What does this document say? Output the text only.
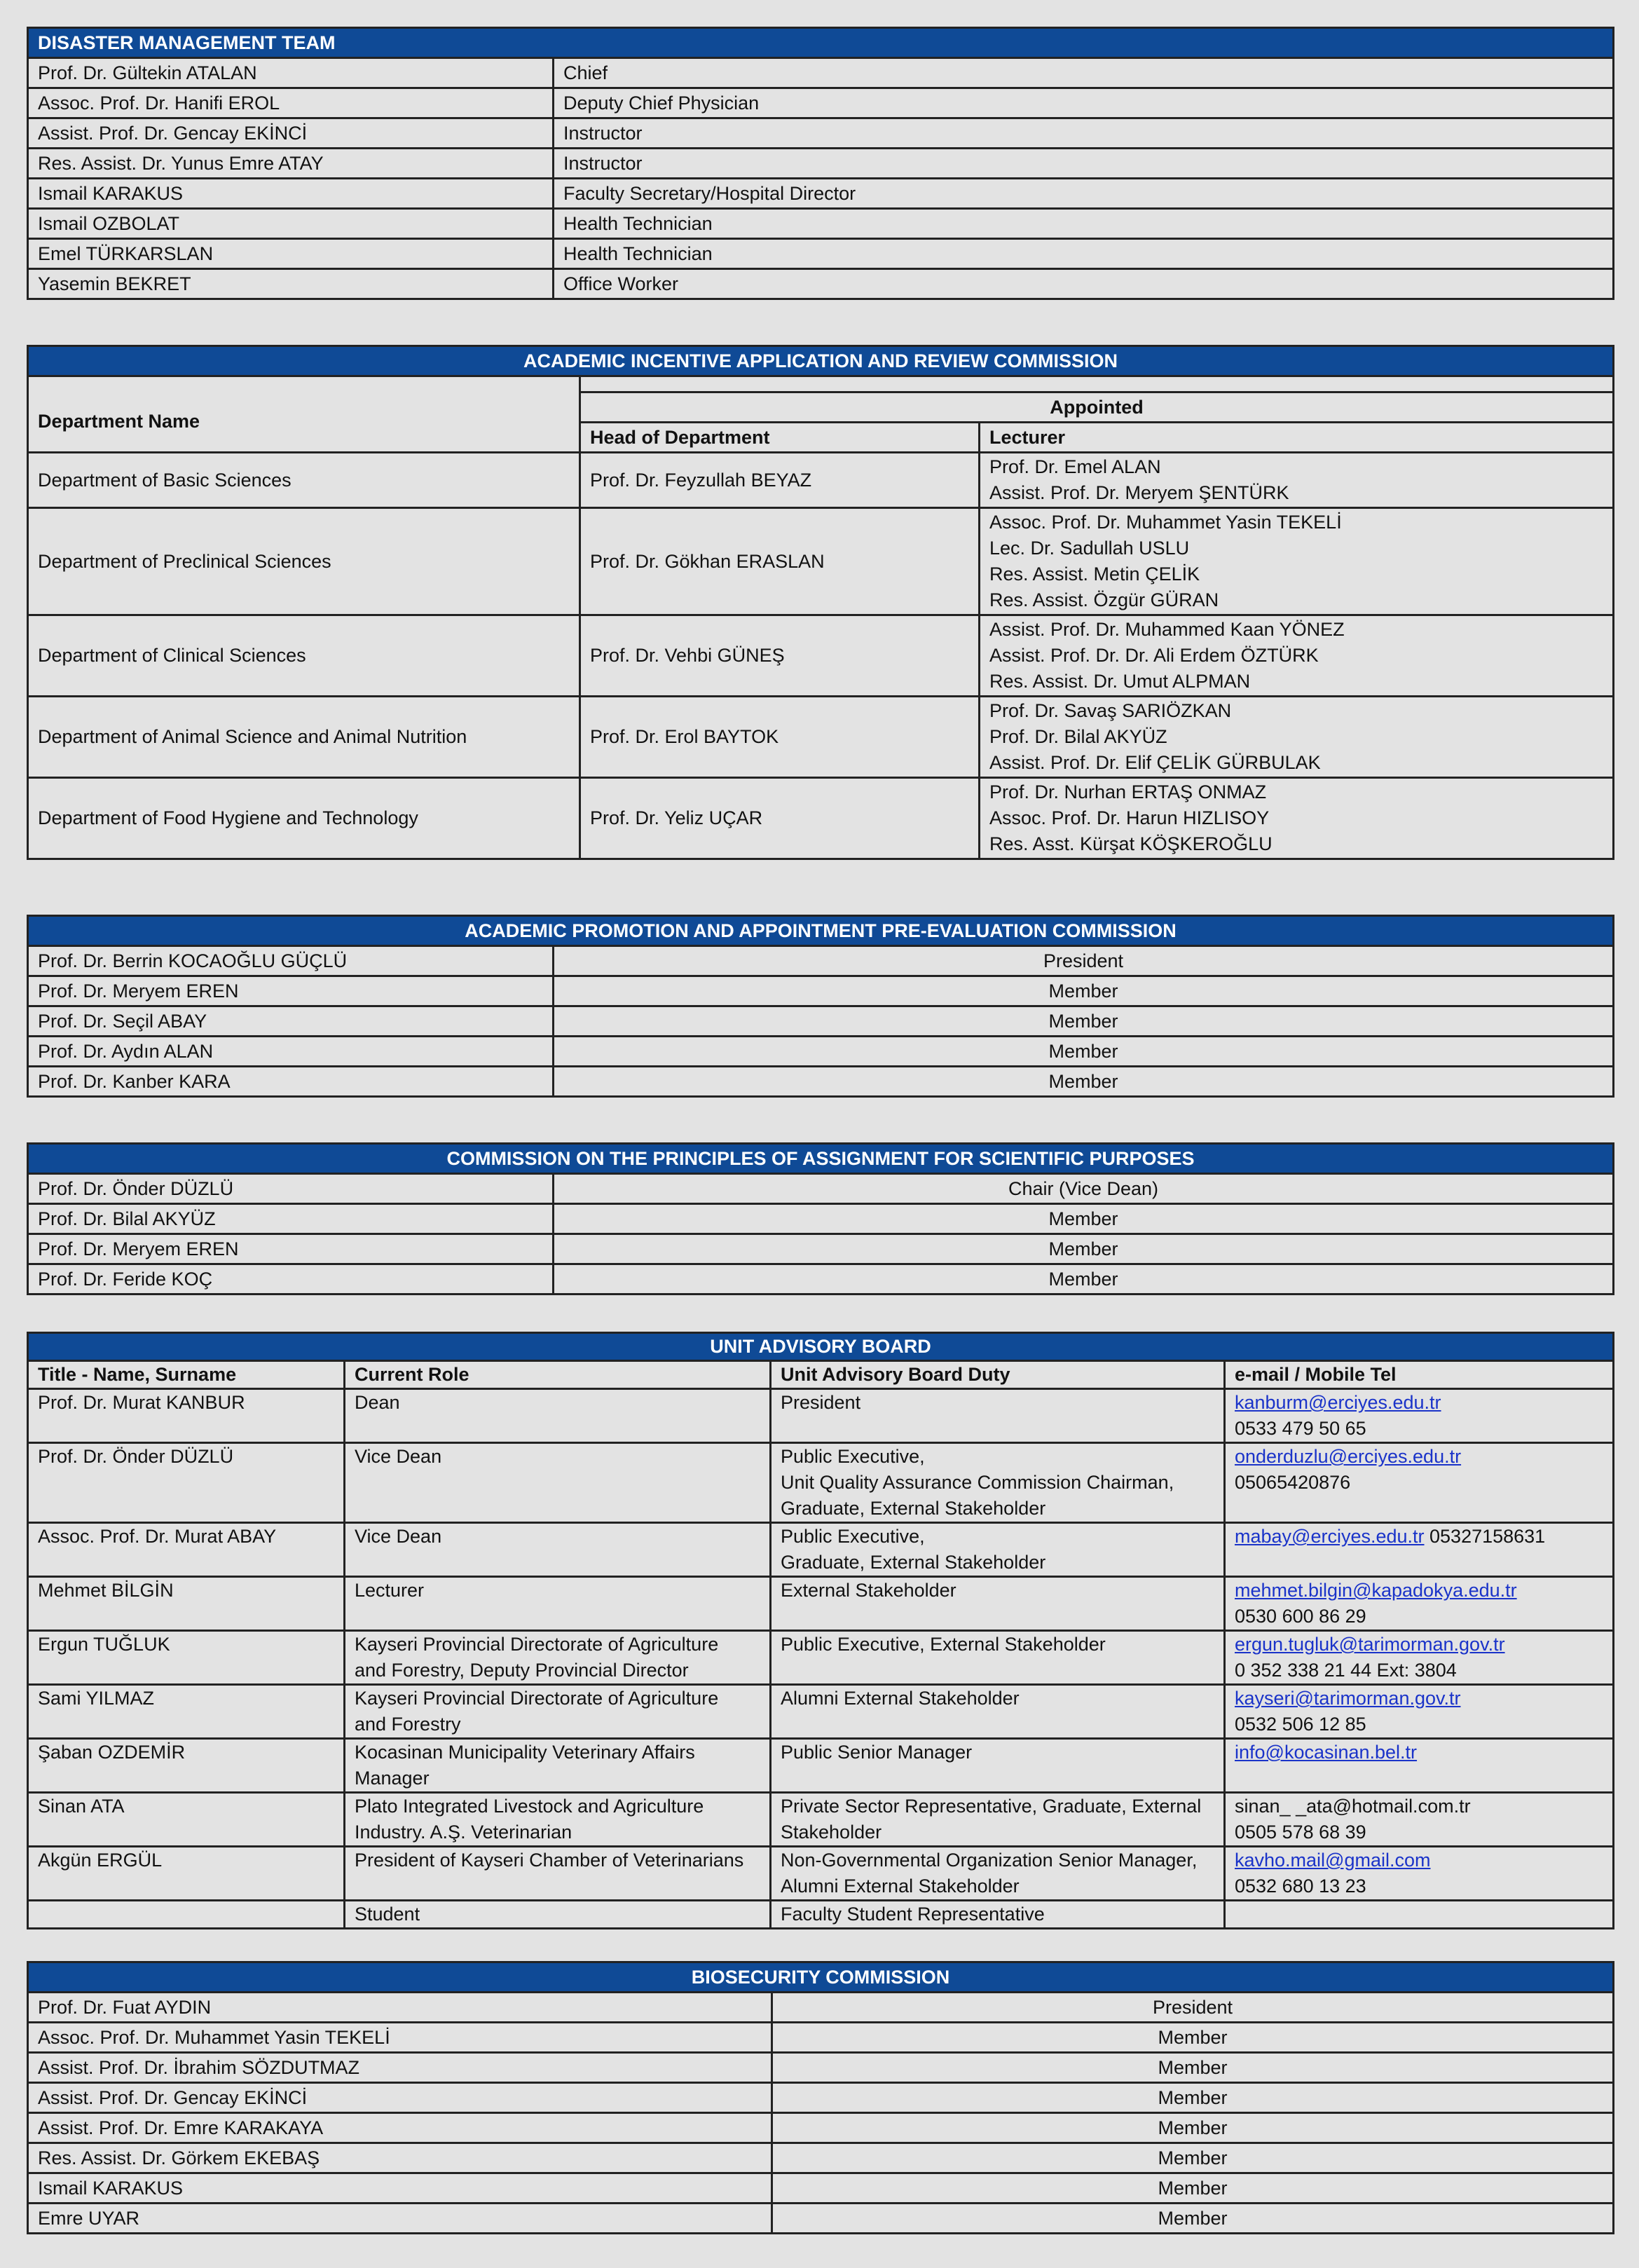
DISASTER MANAGEMENT TEAM	
Prof. Dr. Gültekin ATALAN	Chief
Assoc. Prof. Dr. Hanifi EROL	Deputy Chief Physician
Assist. Prof. Dr. Gencay EKİNCİ	Instructor
Res. Assist. Dr. Yunus Emre ATAY	Instructor
Ismail KARAKUS	Faculty Secretary/Hospital Director
Ismail OZBOLAT	Health Technician
Emel TÜRKARSLAN	Health Technician
Yasemin BEKRET	Office Worker
ACADEMIC INCENTIVE APPLICATION AND REVIEW COMMISSION		

Department Name	Appointed	
	Head of Department	Lecturer
Department of Basic Sciences	Prof. Dr. Feyzullah BEYAZ	Prof. Dr. Emel ALAN
Assist. Prof. Dr. Meryem ŞENTÜRK

Department of Preclinical Sciences	Prof. Dr. Gökhan ERASLAN	Assoc. Prof. Dr. Muhammet Yasin TEKELİ
Lec. Dr. Sadullah USLU
Res. Assist. Metin ÇELİK
Res. Assist. Özgür GÜRAN

Department of Clinical Sciences	Prof. Dr. Vehbi GÜNEŞ	Assist. Prof. Dr. Muhammed Kaan YÖNEZ
Assist. Prof. Dr. Dr. Ali Erdem ÖZTÜRK
Res. Assist. Dr. Umut ALPMAN

Department of Animal Science and Animal Nutrition	Prof. Dr. Erol BAYTOK	Prof. Dr. Savaş SARIÖZKAN
Prof. Dr. Bilal AKYÜZ
Assist. Prof. Dr. Elif ÇELİK GÜRBULAK

Department of Food Hygiene and Technology	Prof. Dr. Yeliz UÇAR	Prof. Dr. Nurhan ERTAŞ ONMAZ
Assoc. Prof. Dr. Harun HIZLISOY
Res. Asst. Kürşat KÖŞKEROĞLU
ACADEMIC PROMOTION AND APPOINTMENT PRE-EVALUATION COMMISSION	
Prof. Dr. Berrin KOCAOĞLU GÜÇLÜ	President
Prof. Dr. Meryem EREN	Member
Prof. Dr. Seçil ABAY	Member
Prof. Dr. Aydın ALAN	Member
Prof. Dr. Kanber KARA	Member
COMMISSION ON THE PRINCIPLES OF ASSIGNMENT FOR SCIENTIFIC PURPOSES	
Prof. Dr. Önder DÜZLÜ	Chair (Vice Dean)
Prof. Dr. Bilal AKYÜZ	Member
Prof. Dr. Meryem EREN	Member
Prof. Dr. Feride KOÇ	Member
UNIT ADVISORY BOARD			
Title - Name, Surname	Current Role	Unit Advisory Board Duty	e-mail / Mobile Tel
Prof. Dr. Murat KANBUR	Dean	President	kanburm@erciyes.edu.tr
0533 479 50 65

Prof. Dr. Önder DÜZLÜ	Vice Dean	Public Executive,
Unit Quality Assurance Commission Chairman,
Graduate, External Stakeholder	onderduzlu@erciyes.edu.tr
05065420876

Assoc. Prof. Dr. Murat ABAY	Vice Dean	Public Executive,
Graduate, External Stakeholder	mabay@erciyes.edu.tr 05327158631

Mehmet BİLGİN	Lecturer	External Stakeholder	mehmet.bilgin@kapadokya.edu.tr
0530 600 86 29

Ergun TUĞLUK	Kayseri Provincial Directorate of Agriculture
and Forestry, Deputy Provincial Director	Public Executive, External Stakeholder	ergun.tugluk@tarimorman.gov.tr
0 352 338 21 44 Ext: 3804

Sami YILMAZ	Kayseri Provincial Directorate of Agriculture
and Forestry	Alumni External Stakeholder	kayseri@tarimorman.gov.tr
0532 506 12 85

Şaban OZDEMİR	Kocasinan Municipality Veterinary Affairs
Manager	Public Senior Manager	info@kocasinan.bel.tr

Sinan ATA	Plato Integrated Livestock and Agriculture
Industry. A.Ş. Veterinarian	Private Sector Representative, Graduate, External
Stakeholder	sinan_ _ata@hotmail.com.tr
0505 578 68 39

Akgün ERGÜL	President of Kayseri Chamber of Veterinarians	Non-Governmental Organization Senior Manager,
Alumni External Stakeholder	kavho.mail@gmail.com
0532 680 13 23

	Student	Faculty Student Representative	

BIOSECURITY COMMISSION	
Prof. Dr. Fuat AYDIN	President
Assoc. Prof. Dr. Muhammet Yasin TEKELİ	Member
Assist. Prof. Dr. İbrahim SÖZDUTMAZ	Member
Assist. Prof. Dr. Gencay EKİNCİ	Member
Assist. Prof. Dr. Emre KARAKAYA	Member
Res. Assist. Dr. Görkem EKEBAŞ	Member
Ismail KARAKUS	Member
Emre UYAR	Member
